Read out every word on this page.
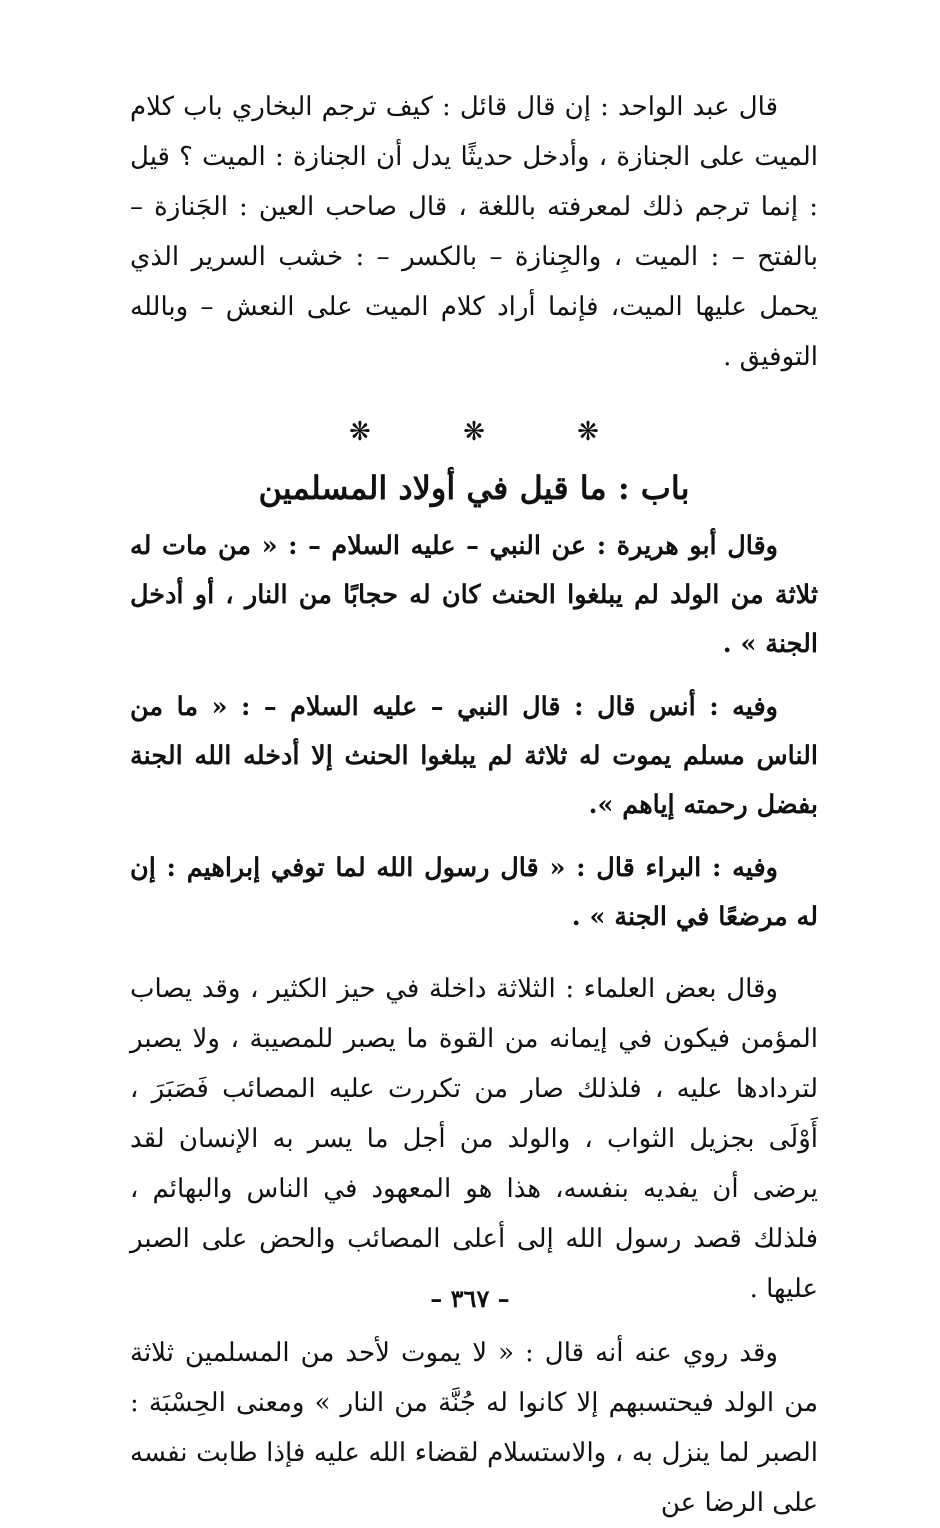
قال عبد الواحد : إن قال قائل : كيف ترجم البخاري باب كلام الميت على الجنازة ، وأدخل حديثًا يدل أن الجنازة : الميت ؟ قيل : إنما ترجم ذلك لمعرفته باللغة ، قال صاحب العين : الجَنازة – بالفتح – : الميت ، والجِنازة – بالكسر – : خشب السرير الذي يحمل عليها الميت، فإنما أراد كلام الميت على النعش – وبالله التوفيق .

❋ ❋ ❋
باب : ما قيل في أولاد المسلمين

وقال أبو هريرة : عن النبي – عليه السلام – : « من مات له ثلاثة من الولد لم يبلغوا الحنث كان له حجابًا من النار ، أو أدخل الجنة » .

وفيه : أنس قال : قال النبي – عليه السلام – : « ما من الناس مسلم يموت له ثلاثة لم يبلغوا الحنث إلا أدخله الله الجنة بفضل رحمته إياهم ».

وفيه : البراء قال : « قال رسول الله لما توفي إبراهيم : إن له مرضعًا في الجنة » .

وقال بعض العلماء : الثلاثة داخلة في حيز الكثير ، وقد يصاب المؤمن فيكون في إيمانه من القوة ما يصبر للمصيبة ، ولا يصبر لتردادها عليه ، فلذلك صار من تكررت عليه المصائب فَصَبَرَ ، أَوْلَى بجزيل الثواب ، والولد من أجل ما يسر به الإنسان لقد يرضى أن يفديه بنفسه، هذا هو المعهود في الناس والبهائم ، فلذلك قصد رسول الله إلى أعلى المصائب والحض على الصبر عليها .

وقد روي عنه أنه قال : « لا يموت لأحد من المسلمين ثلاثة من الولد فيحتسبهم إلا كانوا له جُنَّة من النار » ومعنى الحِسْبَة : الصبر لما ينزل به ، والاستسلام لقضاء الله عليه فإذا طابت نفسه على الرضا عن

– ٣٦٧ –
